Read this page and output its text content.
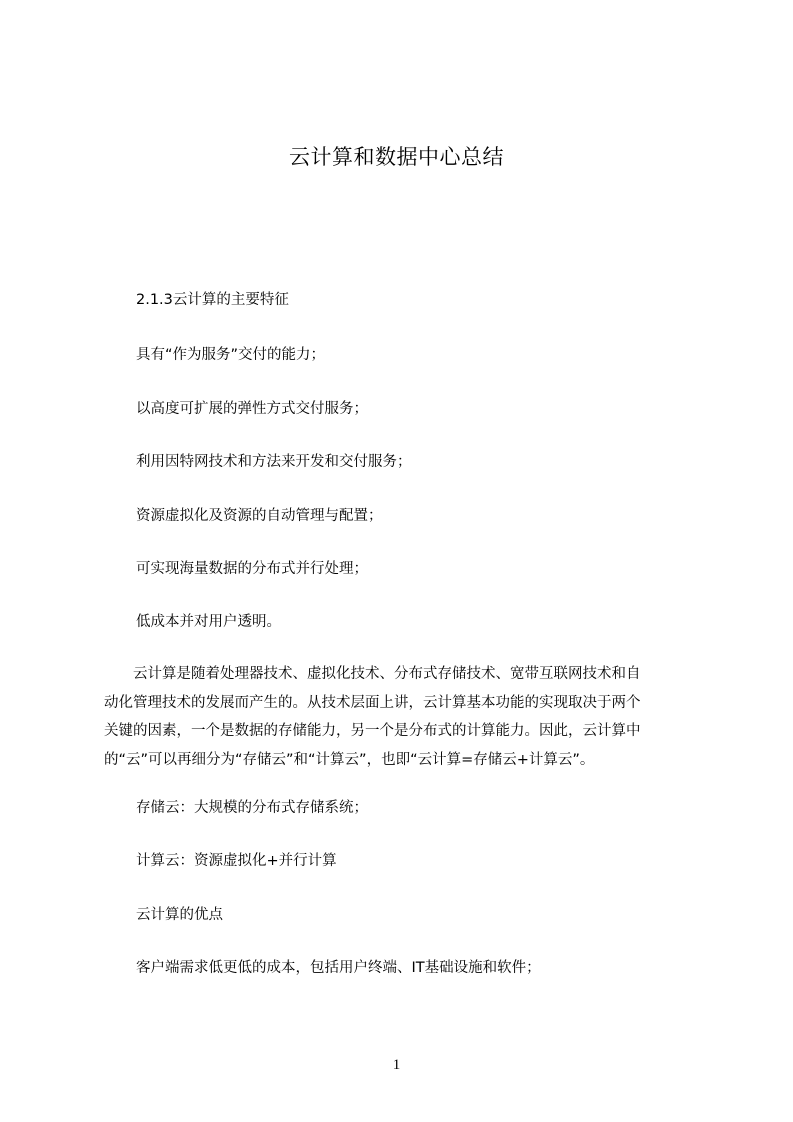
云计算和数据中心总结
2.1.3云计算的主要特征
具有“作为服务”交付的能力；
以高度可扩展的弹性方式交付服务；
利用因特网技术和方法来开发和交付服务；
资源虚拟化及资源的自动管理与配置；
可实现海量数据的分布式并行处理；
低成本并对用户透明。
　　云计算是随着处理器技术、虚拟化技术、分布式存储技术、宽带互联网技术和自
动化管理技术的发展而产生的。从技术层面上讲，云计算基本功能的实现取决于两个
关键的因素，一个是数据的存储能力，另一个是分布式的计算能力。因此，云计算中
的“云”可以再细分为“存储云”和“计算云”，也即“云计算=存储云+计算云”。
存储云：大规模的分布式存储系统；
计算云：资源虚拟化+并行计算
云计算的优点
客户端需求低更低的成本，包括用户终端、IT基础设施和软件；
1
